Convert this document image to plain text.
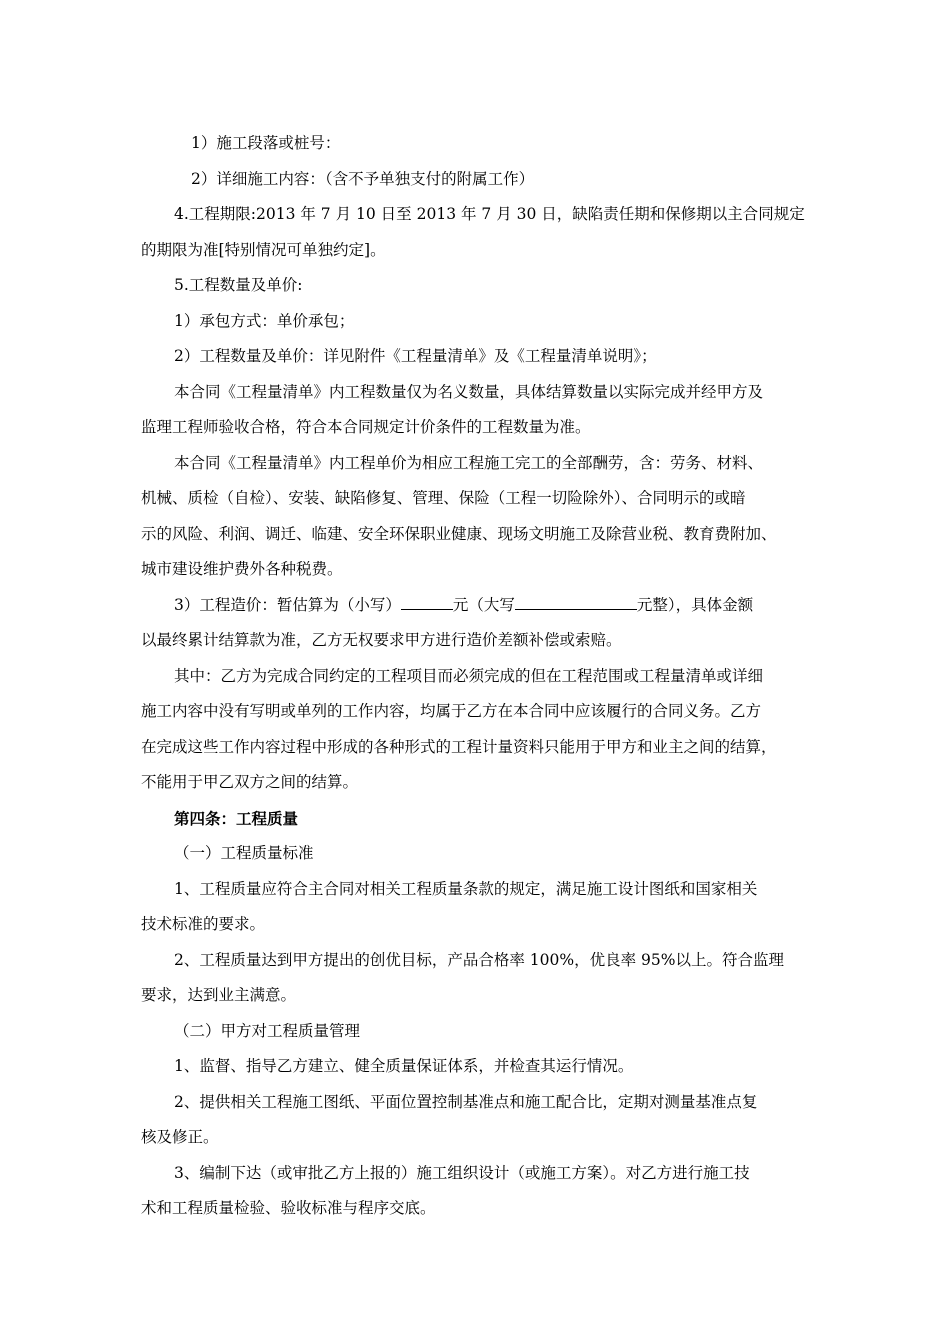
1）施工段落或桩号：

2）详细施工内容：（含不予单独支付的附属工作）

4.工程期限:2013 年 7 月 10 日至 2013 年 7 月 30 日，缺陷责任期和保修期以主合同规定
的期限为准[特别情况可单独约定]。

5.工程数量及单价:

1）承包方式：单价承包；

2）工程数量及单价：详见附件《工程量清单》及《工程量清单说明》；

本合同《工程量清单》内工程数量仅为名义数量，具体结算数量以实际完成并经甲方及
监理工程师验收合格，符合本合同规定计价条件的工程数量为准。

本合同《工程量清单》内工程单价为相应工程施工完工的全部酬劳，含：劳务、材料、
机械、质检（自检）、安装、缺陷修复、管理、保险（工程一切险除外）、合同明示的或暗
示的风险、利润、调迁、临建、安全环保职业健康、现场文明施工及除营业税、教育费附加、
城市建设维护费外各种税费。

3）工程造价：暂估算为（小写）	元（大写	元整），具体金额
以最终累计结算款为准，乙方无权要求甲方进行造价差额补偿或索赔。

其中：乙方为完成合同约定的工程项目而必须完成的但在工程范围或工程量清单或详细
施工内容中没有写明或单列的工作内容，均属于乙方在本合同中应该履行的合同义务。乙方
在完成这些工作内容过程中形成的各种形式的工程计量资料只能用于甲方和业主之间的结算，
不能用于甲乙双方之间的结算。

第四条：工程质量

（一）工程质量标准

1、工程质量应符合主合同对相关工程质量条款的规定，满足施工设计图纸和国家相关
技术标准的要求。

2、工程质量达到甲方提出的创优目标，产品合格率 100%，优良率 95%以上。符合监理
要求，达到业主满意。

（二）甲方对工程质量管理

1、监督、指导乙方建立、健全质量保证体系，并检查其运行情况。

2、提供相关工程施工图纸、平面位置控制基准点和施工配合比，定期对测量基准点复
核及修正。

3、编制下达（或审批乙方上报的）施工组织设计（或施工方案）。对乙方进行施工技
术和工程质量检验、验收标准与程序交底。
